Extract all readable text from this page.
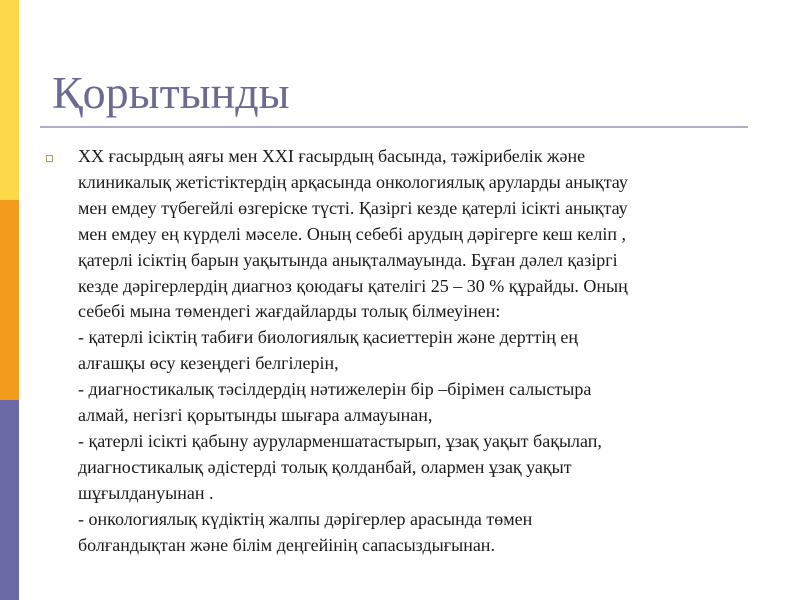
Қорытынды
XX ғасырдың аяғы мен XXI ғасырдың басында, тәжірибелік және
клиникалық жетістіктердің арқасында онкологиялық аруларды анықтау
мен емдеу түбегейлі өзгеріске түсті. Қазіргі кезде қатерлі ісікті анықтау
мен емдеу ең күрделі мәселе. Оның себебі арудың дәрігерге кеш келіп ,
қатерлі ісіктің барын уақытында анықталмауында. Бұған дәлел қазіргі
кезде дәрігерлердің диагноз қоюдағы қателігі 25 – 30 % құрайды. Оның
себебі мына төмендегі жағдайларды толық білмеуінен:
- қатерлі ісіктің табиғи биологиялық қасиеттерін және дерттің ең
алғашқы өсу кезеңдегі белгілерін,
- диагностикалық тәсілдердің нәтижелерін бір –бірімен салыстыра
алмай, негізгі қорытынды шығара алмауынан,
- қатерлі ісікті қабыну ауруларменшатастырып, ұзақ уақыт бақылап,
диагностикалық әдістерді толық қолданбай, олармен ұзақ уақыт
шұғылдануынан .
- онкологиялық күдіктің жалпы дәрігерлер арасында төмен
болғандықтан және білім деңгейінің сапасыздығынан.
